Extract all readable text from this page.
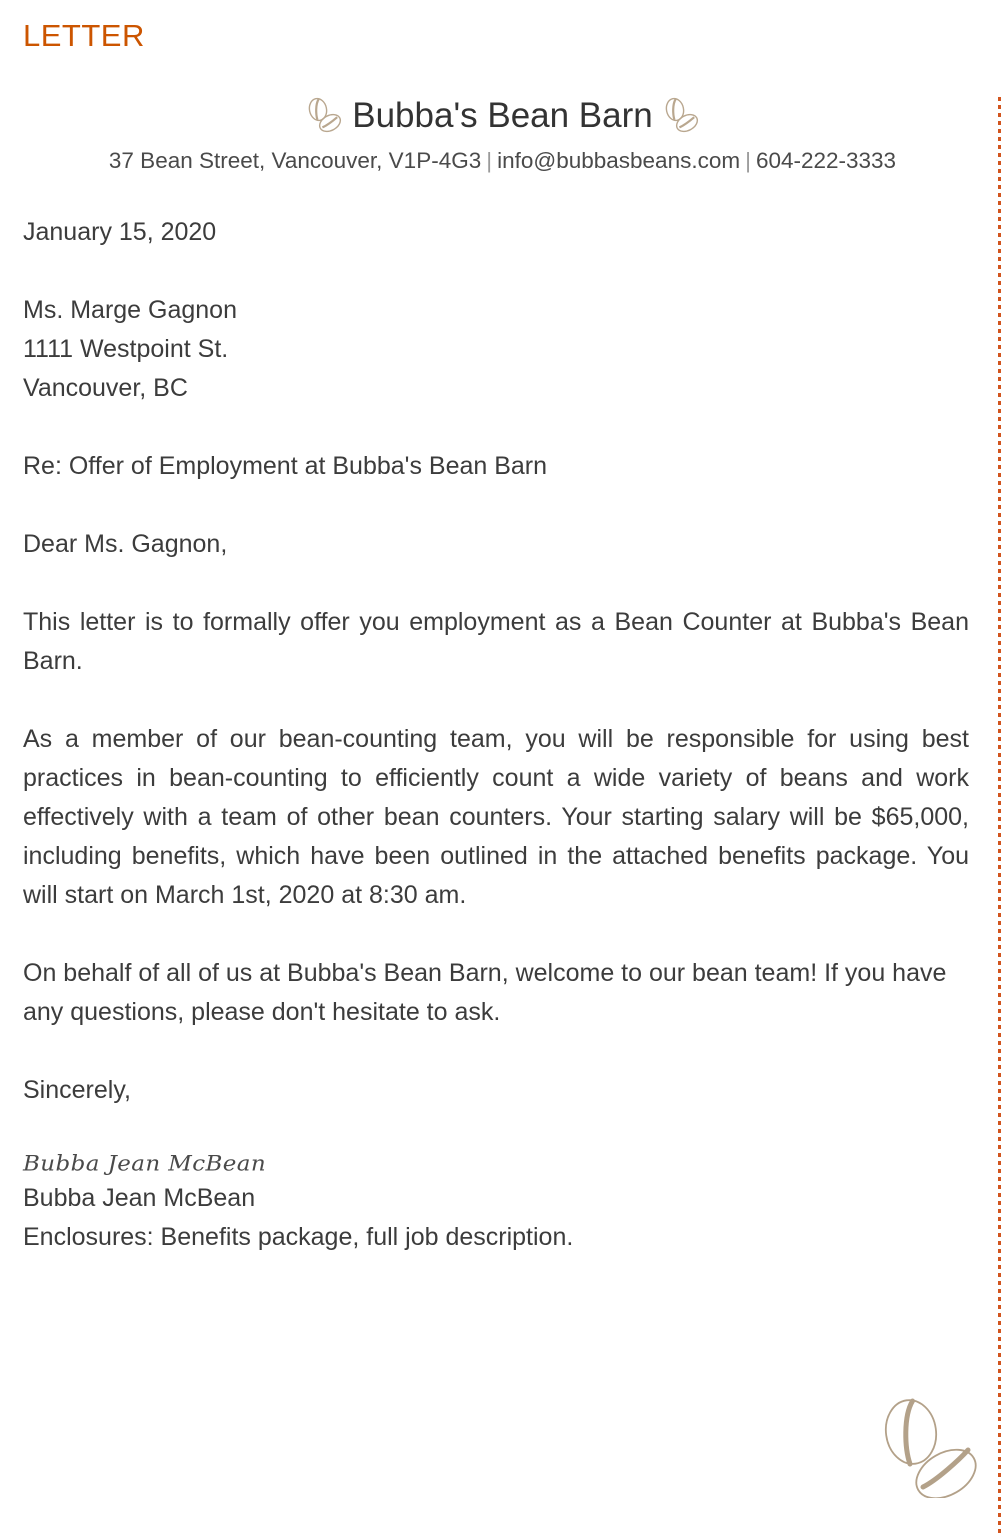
LETTER
Bubba's Bean Barn
37 Bean Street, Vancouver, V1P-4G3 | info@bubbasbeans.com | 604-222-3333
January 15, 2020
Ms. Marge Gagnon
1111 Westpoint St.
Vancouver, BC
Re: Offer of Employment at Bubba's Bean Barn
Dear Ms. Gagnon,

This letter is to formally offer you employment as a Bean Counter at Bubba's Bean Barn.

As a member of our bean-counting team, you will be responsible for using best practices in bean-counting to efficiently count a wide variety of beans and work effectively with a team of other bean counters. Your starting salary will be $65,000, including benefits, which have been outlined in the attached benefits package. You will start on March 1st, 2020 at 8:30 am.

On behalf of all of us at Bubba's Bean Barn, welcome to our bean team! If you have any questions, please don't hesitate to ask.

Sincerely,
Bubba Jean McBean
Bubba Jean McBean
Enclosures: Benefits package, full job description.
